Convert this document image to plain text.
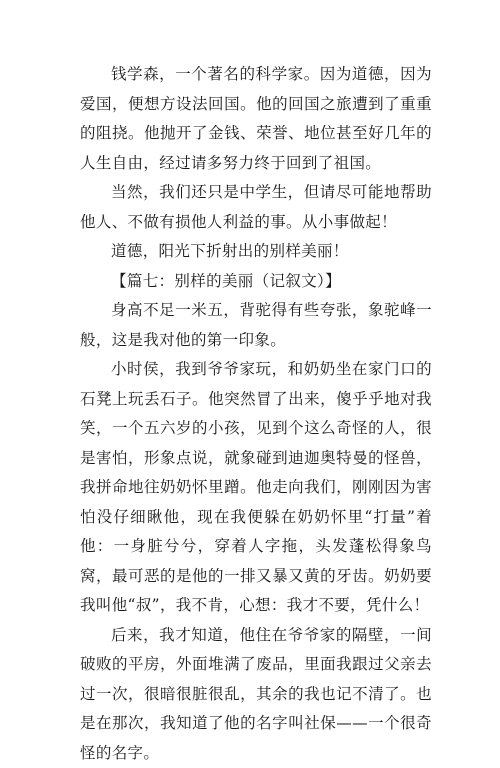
钱学森，一个著名的科学家。因为道德，因为爱国，便想方设法回国。他的回国之旅遭到了重重的阻挠。他抛开了金钱、荣誉、地位甚至好几年的人生自由，经过请多努力终于回到了祖国。

当然，我们还只是中学生，但请尽可能地帮助他人、不做有损他人利益的事。从小事做起！

道德，阳光下折射出的别样美丽！

【篇七：别样的美丽（记叙文）】

身高不足一米五，背驼得有些夸张，象驼峰一般，这是我对他的第一印象。

小时侯，我到爷爷家玩，和奶奶坐在家门口的石凳上玩丢石子。他突然冒了出来，傻乎乎地对我笑，一个五六岁的小孩，见到个这么奇怪的人，很是害怕，形象点说，就象碰到迪迦奥特曼的怪兽，我拼命地往奶奶怀里蹭。他走向我们，刚刚因为害怕没仔细瞅他，现在我便躲在奶奶怀里“打量”着他：一身脏兮兮，穿着人字拖，头发蓬松得象鸟窝，最可恶的是他的一排又暴又黄的牙齿。奶奶要我叫他“叔”，我不肯，心想：我才不要，凭什么！

后来，我才知道，他住在爷爷家的隔壁，一间破败的平房，外面堆满了废品，里面我跟过父亲去过一次，很暗很脏很乱，其余的我也记不清了。也是在那次，我知道了他的名字叫社保——一个很奇怪的名字。
